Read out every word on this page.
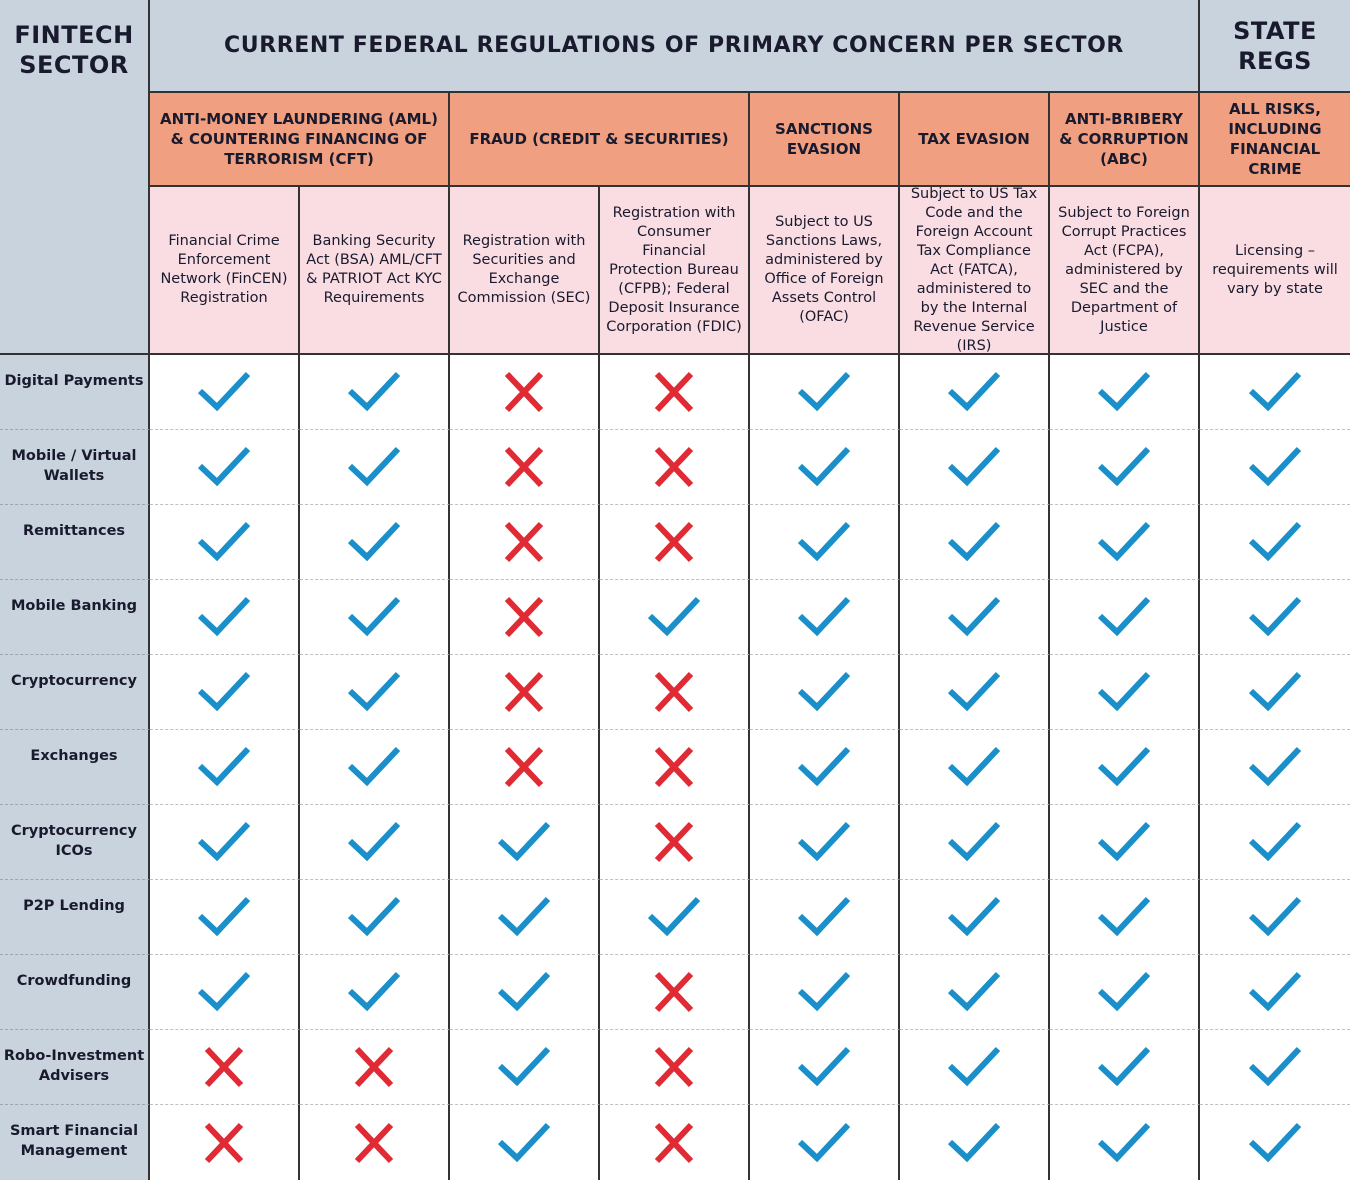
FINTECH SECTOR
CURRENT FEDERAL REGULATIONS OF PRIMARY CONCERN PER SECTOR
STATE REGS
ANTI-MONEY LAUNDERING (AML) & COUNTERING FINANCING OF TERRORISM (CFT)
FRAUD (CREDIT & SECURITIES)
SANCTIONS EVASION
TAX EVASION
ANTI-BRIBERY & CORRUPTION (ABC)
ALL RISKS, INCLUDING FINANCIAL CRIME
Financial Crime Enforcement Network (FinCEN) Registration
Banking Security Act (BSA) AML/CFT & PATRIOT Act KYC Requirements
Registration with Securities and Exchange Commission (SEC)
Registration with Consumer Financial Protection Bureau (CFPB); Federal Deposit Insurance Corporation (FDIC)
Subject to US Sanctions Laws, administered by Office of Foreign Assets Control (OFAC)
Subject to US Tax Code and the Foreign Account Tax Compliance Act (FATCA), administered to by the Internal Revenue Service (IRS)
Subject to Foreign Corrupt Practices Act (FCPA), administered by SEC and the Department of Justice
Licensing – requirements will vary by state
Digital Payments
Mobile / Virtual Wallets
Remittances
Mobile Banking
Cryptocurrency
Exchanges
Cryptocurrency ICOs
P2P Lending
Crowdfunding
Robo-Investment Advisers
Smart Financial Management
